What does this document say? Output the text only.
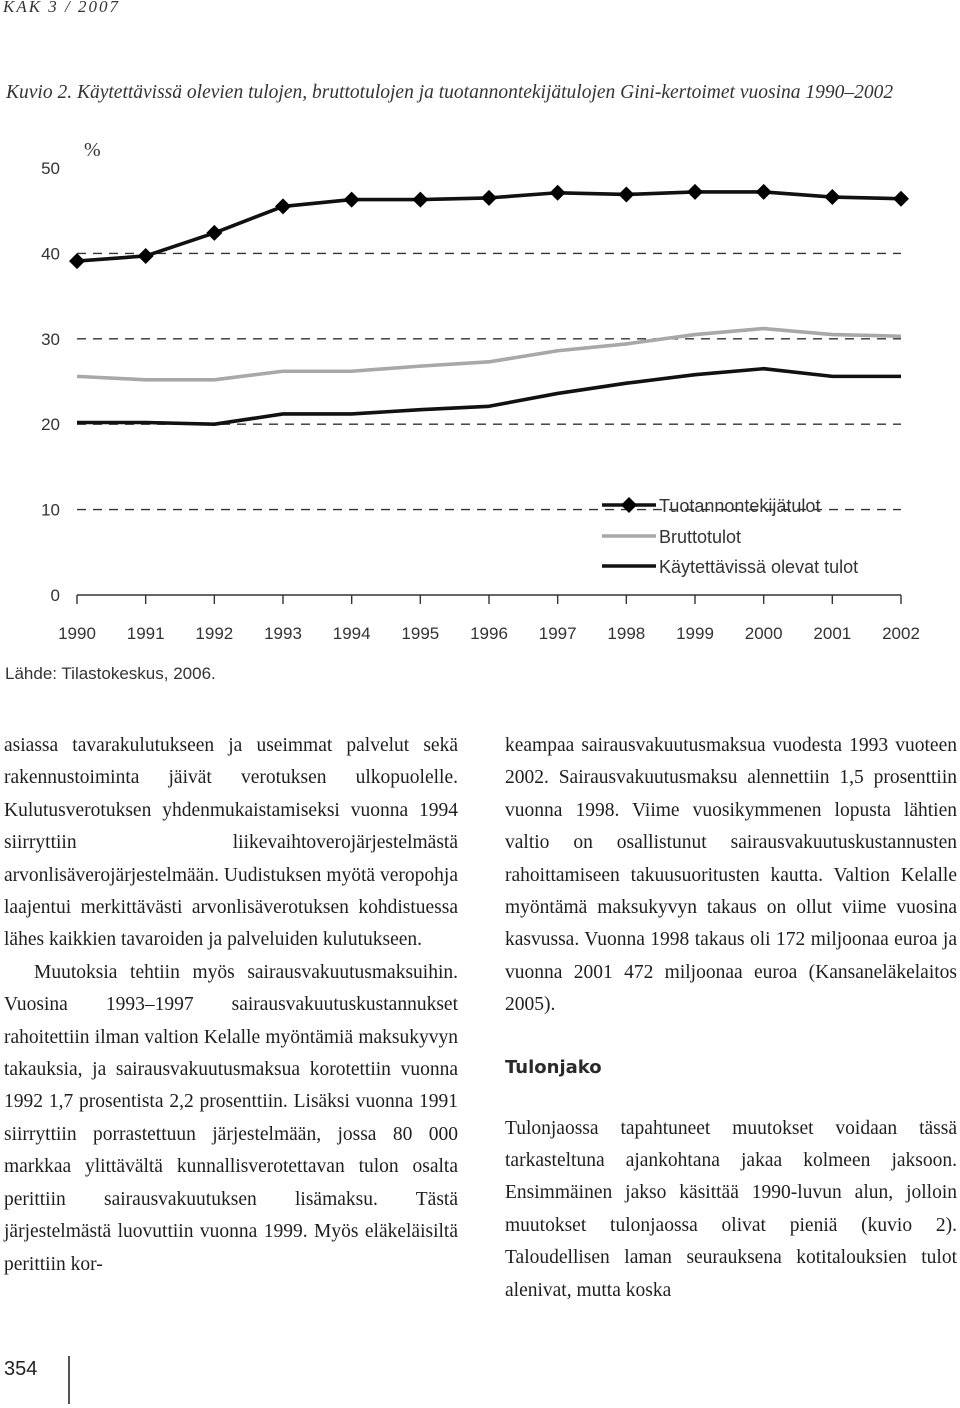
KAK 3 / 2007
Kuvio 2. Käytettävissä olevien tulojen, bruttotulojen ja tuotannontekijätulojen Gini-kertoimet vuosina 1990–2002
0
10
20
30
40
50
%
1990 1991 1992 1993 1994 1995 1996 1997 1998 1999 2000 2001 2002
Tuotannontekijätulot
Bruttotulot
Käytettävissä olevat tulot
Lähde: Tilastokeskus, 2006.

asiassa tavarakulutukseen ja useimmat palvelut sekä rakennustoiminta jäivät verotuksen ulkopuolelle. Kulutusverotuksen yhdenmukaistamiseksi vuonna 1994 siirryttiin liikevaihtoverojärjestelmästä arvonlisäverojärjestelmään. Uudistuksen myötä veropohja laajentui merkittävästi arvonlisäverotuksen kohdistuessa lähes kaikkien tavaroiden ja palveluiden kulutukseen.

Muutoksia tehtiin myös sairausvakuutusmaksuihin. Vuosina 1993–1997 sairausvakuutuskustannukset rahoitettiin ilman valtion Kelalle myöntämiä maksukyvyn takauksia, ja sairausvakuutusmaksua korotettiin vuonna 1992 1,7 prosentista 2,2 prosenttiin. Lisäksi vuonna 1991 siirryttiin porrastettuun järjestelmään, jossa 80 000 markkaa ylittävältä kunnallisverotettavan tulon osalta perittiin sairausvakuutuksen lisämaksu. Tästä järjestelmästä luovuttiin vuonna 1999. Myös eläkeläisiltä perittiin kor-

keampaa sairausvakuutusmaksua vuodesta 1993 vuoteen 2002. Sairausvakuutusmaksu alennettiin 1,5 prosenttiin vuonna 1998. Viime vuosikymmenen lopusta lähtien valtio on osallistunut sairausvakuutuskustannusten rahoittamiseen takuusuoritusten kautta. Valtion Kelalle myöntämä maksukyvyn takaus on ollut viime vuosina kasvussa. Vuonna 1998 takaus oli 172 miljoonaa euroa ja vuonna 2001 472 miljoonaa euroa (Kansaneläkelaitos 2005).

Tulonjako

Tulonjaossa tapahtuneet muutokset voidaan tässä tarkasteltuna ajankohtana jakaa kolmeen jaksoon. Ensimmäinen jakso käsittää 1990-luvun alun, jolloin muutokset tulonjaossa olivat pieniä (kuvio 2). Taloudellisen laman seurauksena kotitalouksien tulot alenivat, mutta koska

354
